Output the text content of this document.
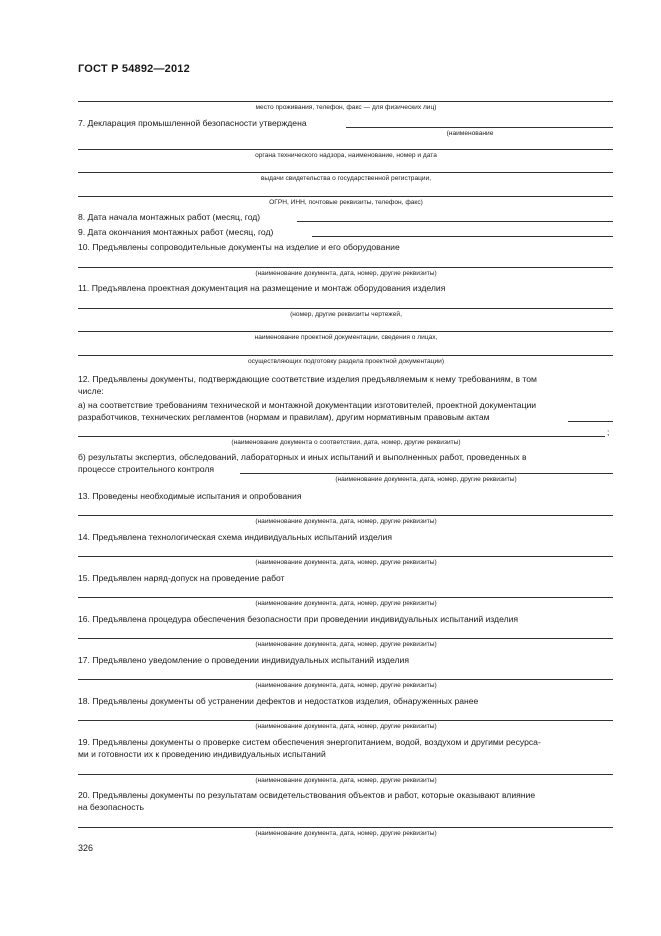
ГОСТ Р 54892—2012
место проживания, телефон, факс — для физических лиц)
7. Декларация промышленной безопасности утверждена
(наименование
органа технического надзора, наименование, номер и дата
выдачи свидетельства о государственной регистрации,
ОГРН, ИНН, почтовые реквизиты, телефон, факс)
8. Дата начала монтажных работ (месяц, год)
9. Дата окончания монтажных работ (месяц, год)
10. Предъявлены сопроводительные документы на изделие и его оборудование
(наименование документа, дата, номер, другие реквизиты)
11. Предъявлена проектная документация на размещение и монтаж оборудования изделия
(номер, другие реквизиты чертежей,
наименование проектной документации, сведения о лицах,
осуществляющих подготовку раздела проектной документации)
12. Предъявлены документы, подтверждающие соответствие изделия предъявляемым к нему требованиям, в том
числе:
а) на соответствие требованиям технической и монтажной документации изготовителей, проектной документации
разработчиков, технических регламентов (нормам и правилам), другим нормативным правовым актам
;
(наименование документа о соответствии, дата, номер, другие реквизиты)
б) результаты экспертиз, обследований, лабораторных и иных испытаний и выполненных работ, проведенных в
процессе строительного контроля
(наименование документа, дата, номер, другие реквизиты)
13. Проведены необходимые испытания и опробования
(наименование документа, дата, номер, другие реквизиты)
14. Предъявлена технологическая схема индивидуальных испытаний изделия
(наименование документа, дата, номер, другие реквизиты)
15. Предъявлен наряд-допуск на проведение работ
(наименование документа, дата, номер, другие реквизиты)
16. Предъявлена процедура обеспечения безопасности при проведении индивидуальных испытаний изделия
(наименование документа, дата, номер, другие реквизиты)
17. Предъявлено уведомление о проведении индивидуальных испытаний изделия
(наименование документа, дата, номер, другие реквизиты)
18. Предъявлены документы об устранении дефектов и недостатков изделия, обнаруженных ранее
(наименование документа, дата, номер, другие реквизиты)
19. Предъявлены документы о проверке систем обеспечения энергопитанием, водой, воздухом и другими ресурса-
ми и готовности их к проведению индивидуальных испытаний
(наименование документа, дата, номер, другие реквизиты)
20. Предъявлены документы по результатам освидетельствования объектов и работ, которые оказывают влияние
на безопасность
(наименование документа, дата, номер, другие реквизиты)
326
